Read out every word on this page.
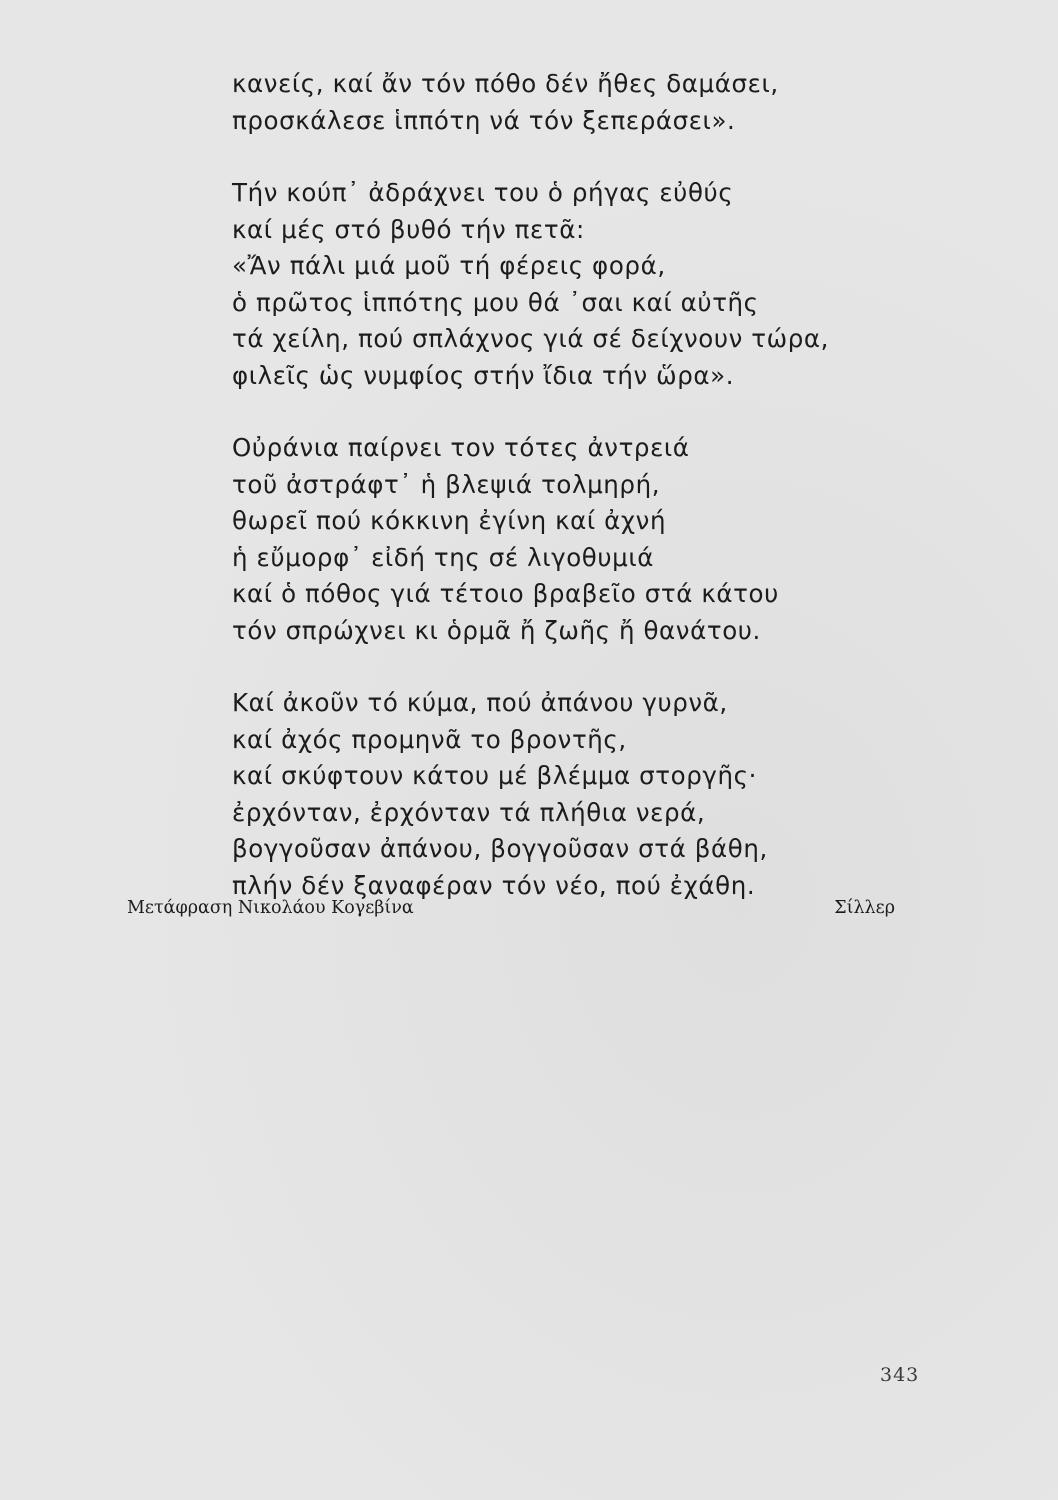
κανείς, καί ἄν τόν πόθο δέν ἤθες δαμάσει,
προσκάλεσε ἱππότη νά τόν ξεπεράσει».
Τήν κούπ᾽ ἀδράχνει του ὁ ρήγας εὐθύς
καί μές στό βυθό τήν πετᾶ:
«Ἄν πάλι μιά μοῦ τή φέρεις φορά,
ὁ πρῶτος ἱππότης μου θά ᾽σαι καί αὐτῆς
τά χείλη, πού σπλάχνος γιά σέ δείχνουν τώρα,
φιλεῖς ὡς νυμφίος στήν ἴδια τήν ὥρα».
Οὐράνια παίρνει τον τότες ἀντρειά
τοῦ ἀστράφτ᾽ ἡ βλεψιά τολμηρή,
θωρεῖ πού κόκκινη ἐγίνη καί ἀχνή
ἡ εὔμορφ᾽ εἰδή της σέ λιγοθυμιά
καί ὁ πόθος γιά τέτοιο βραβεῖο στά κάτου
τόν σπρώχνει κι ὁρμᾶ ἤ ζωῆς ἤ θανάτου.
Καί ἀκοῦν τό κύμα, πού ἀπάνου γυρνᾶ,
καί ἀχός προμηνᾶ το βροντῆς,
καί σκύφτουν κάτου μέ βλέμμα στοργῆς·
ἐρχόνταν, ἐρχόνταν τά πλήθια νερά,
βογγοῦσαν ἀπάνου, βογγοῦσαν στά βάθη,
πλήν δέν ξαναφέραν τόν νέο, πού ἐχάθη.
Μετάφραση Νικολάου Κογεβίνα	Σίλλερ
343
